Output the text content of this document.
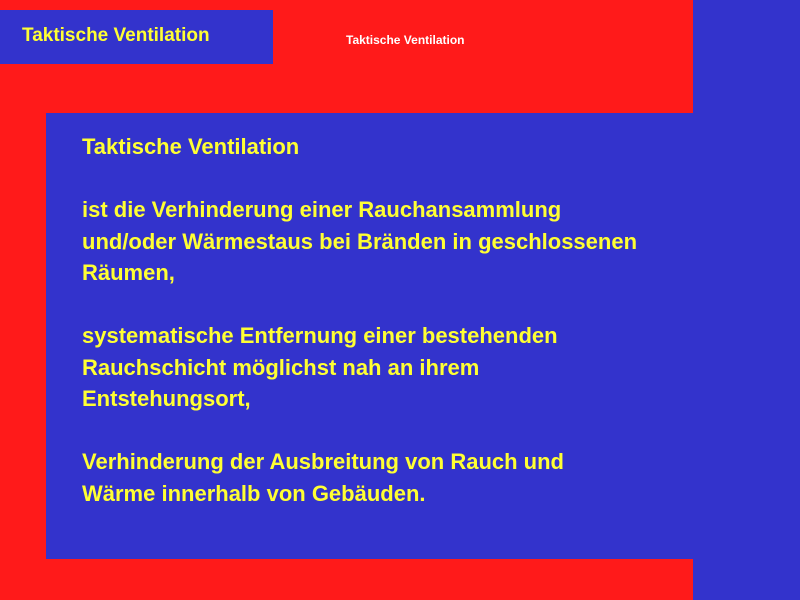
Taktische Ventilation	Taktische Ventilation

Taktische Ventilation

ist die Verhinderung einer Rauchansammlung

und/oder Wärmestaus bei Bränden in geschlossenen

Räumen,

systematische Entfernung einer bestehenden

Rauchschicht möglichst nah an ihrem

Entstehungsort,

Verhinderung der Ausbreitung von Rauch und

Wärme innerhalb von Gebäuden.
